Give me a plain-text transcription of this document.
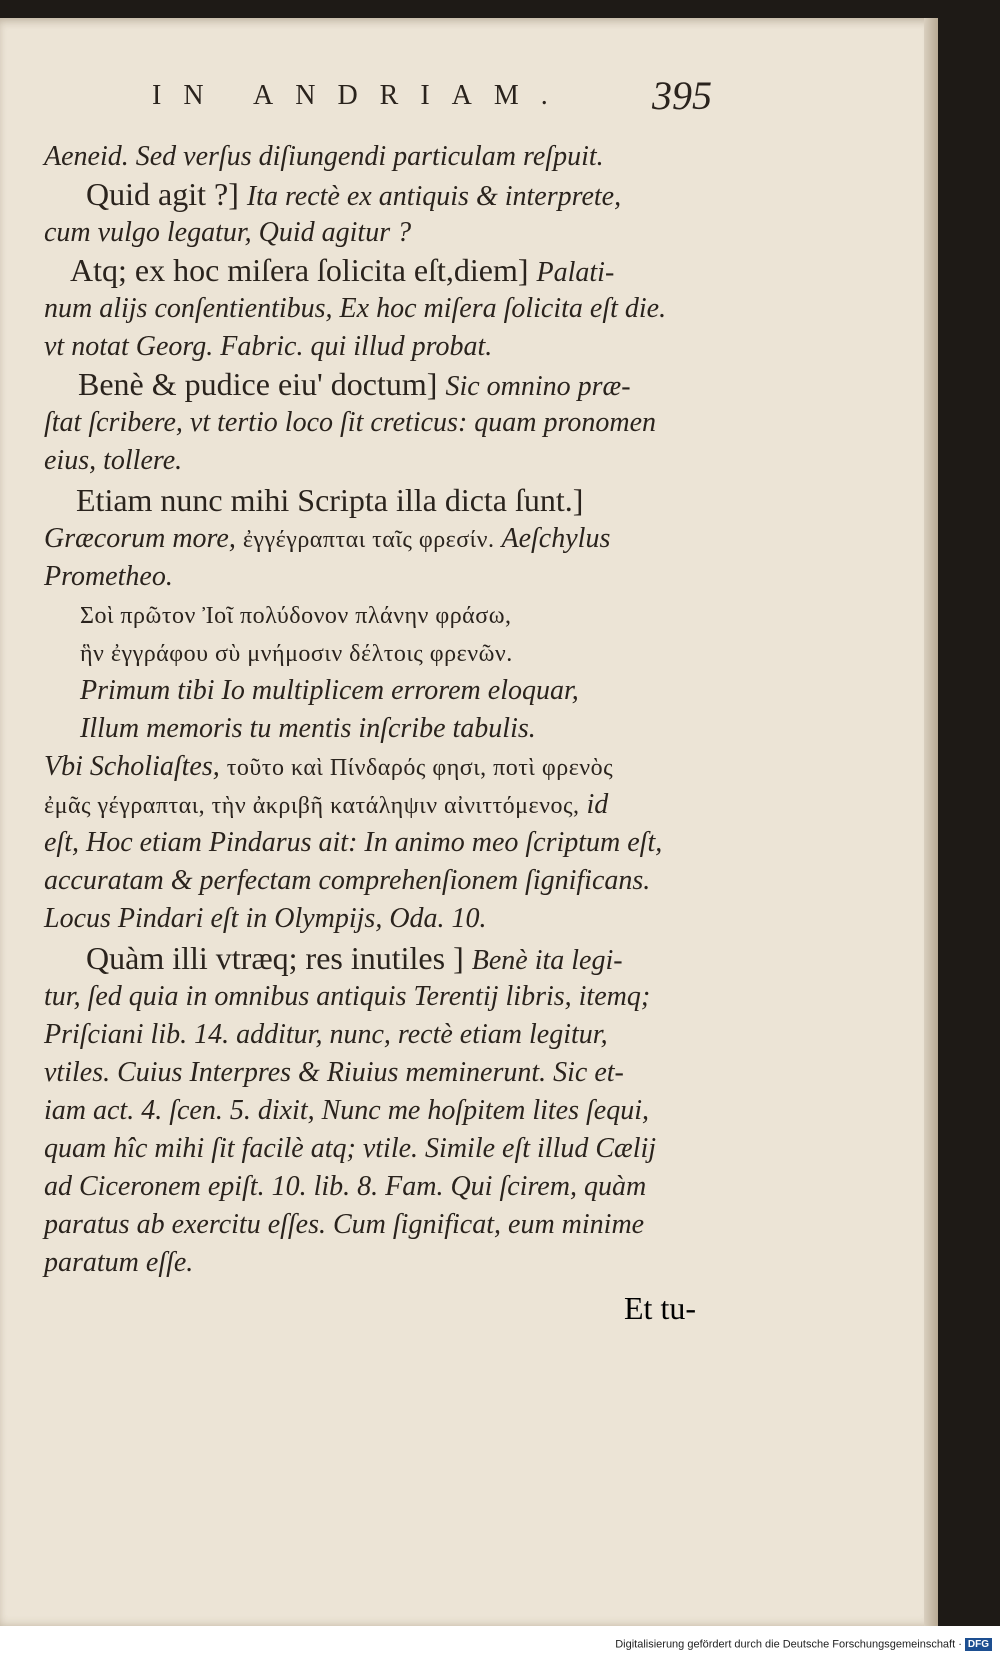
IN ANDRIAM. 395
Aeneid. Sed verſus diſiungendi particulam reſpuit.
Quid agit ?] Ita rectè ex antiquis & interprete,
cum vulgo legatur, Quid agitur ?
Atq; ex hoc miſera ſolicita eſt,diem] Palati-
num alijs conſentientibus, Ex hoc miſera ſolicita eſt die.
vt notat Georg. Fabric. qui illud probat.
Benè & pudice eiu' doctum] Sic omnino præ-
ſtat ſcribere, vt tertio loco ſit creticus: quam pronomen
eius, tollere.
Etiam nunc mihi Scripta illa dicta ſunt.]
Græcorum more, ἐγγέγραπται ταῖς φρεσίν. Aeſchylus
Prometheo.
Σοὶ πρῶτον Ἰοῖ πολύδονον πλάνην φράσω,
ἣν ἐγγράφου σὺ μνήμοσιν δέλτοις φρενῶν.
Primum tibi Io multiplicem errorem eloquar,
Illum memoris tu mentis inſcribe tabulis.
Vbi Scholiaſtes, τοῦτο καὶ Πίνδαρός φησι, ποτὶ φρενὸς
ἐμᾶς γέγραπται, τὴν ἀκριβῆ κατάληψιν αἰνιττόμενος, id
eſt, Hoc etiam Pindarus ait: In animo meo ſcriptum eſt,
accuratam & perfectam comprehenſionem ſignificans.
Locus Pindari eſt in Olympijs, Oda. 10.
Quàm illi vtræq; res inutiles ] Benè ita legi-
tur, ſed quia in omnibus antiquis Terentij libris, itemq;
Priſciani lib. 14. additur, nunc, rectè etiam legitur,
vtiles. Cuius Interpres & Riuius meminerunt. Sic et-
iam act. 4. ſcen. 5. dixit, Nunc me hoſpitem lites ſequi,
quam hîc mihi ſit facilè atq; vtile. Simile eſt illud Cælij
ad Ciceronem epiſt. 10. lib. 8. Fam. Qui ſcirem, quàm
paratus ab exercitu eſſes. Cum ſignificat, eum minime
paratum eſſe.
Et tu-
Digitalisierung gefördert durch die Deutsche Forschungsgemeinschaft · DFG
